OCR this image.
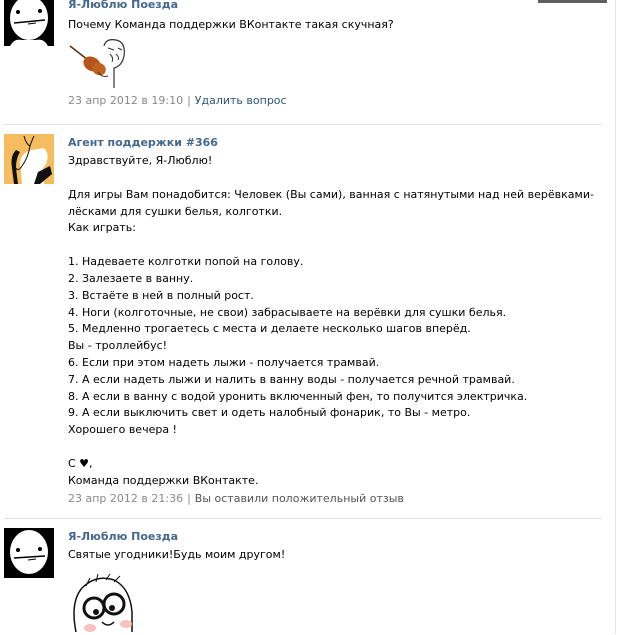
Я-Люблю Поезда
Почему Команда поддержки ВКонтакте такая скучная?
23 апр 2012 в 19:10 | Удалить вопрос
Агент поддержки #366
Здравствуйте, Я-Люблю!
Для игры Вам понадобится: Человек (Вы сами), ванная с натянутыми над ней верёвками-лёсками для сушки белья, колготки.
Как играть:
1. Надеваете колготки попой на голову.
2. Залезаете в ванну.
3. Встаёте в ней в полный рост.
4. Ноги (колготочные, не свои) забрасываете на верёвки для сушки белья.
5. Медленно трогаетесь с места и делаете несколько шагов вперёд.
Вы - троллейбус!
6. Если при этом надеть лыжи - получается трамвай.
7. А если надеть лыжи и налить в ванну воды - получается речной трамвай.
8. А если в ванну с водой уронить включенный фен, то получится электричка.
9. А если выключить свет и одеть налобный фонарик, то Вы - метро.
Хорошего вечера !
С ♥,
Команда поддержки ВКонтакте.
23 апр 2012 в 21:36 | Вы оставили положительный отзыв
Я-Люблю Поезда
Святые угодники!Будь моим другом!
